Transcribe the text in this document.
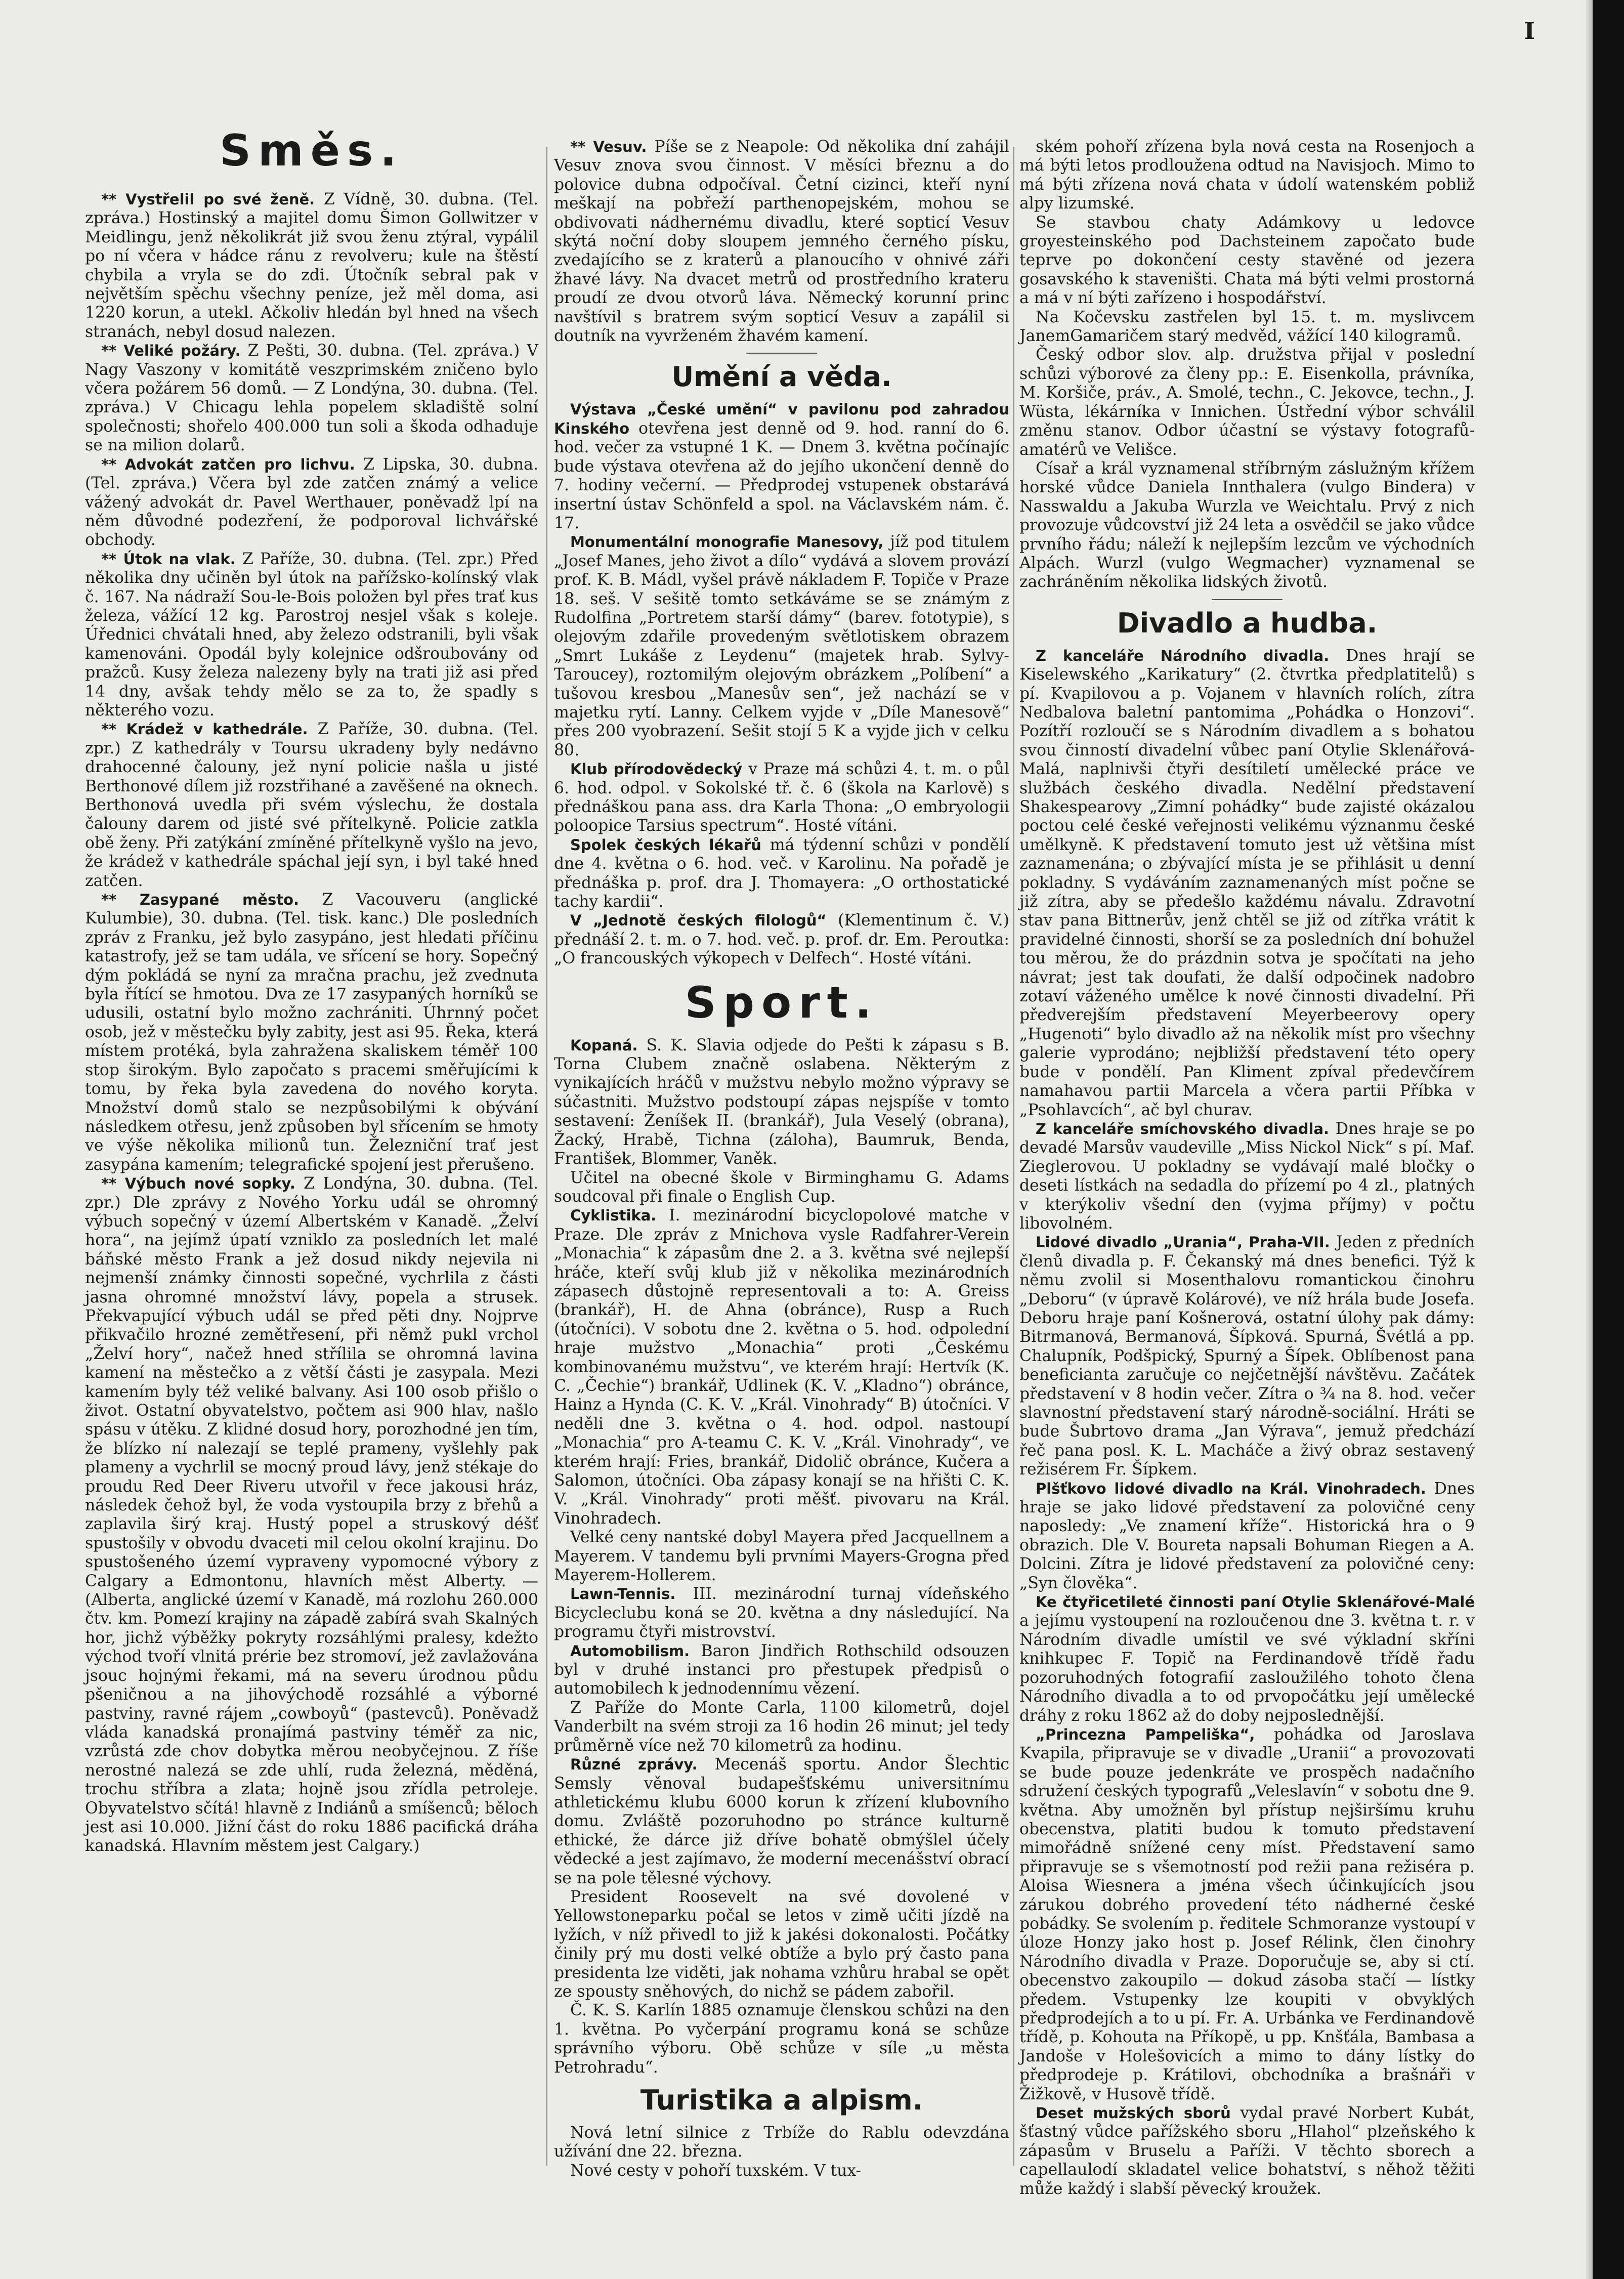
I
Směs.

** Vystřelil po své ženě. Z Vídně, 30. dubna. (Tel. zpráva.) Hostinský a majitel domu Šimon Gollwitzer v Meidlingu, jenž několikrát již svou ženu ztýral, vypálil po ní včera v hádce ránu z revolveru; kule na štěstí chybila a vryla se do zdi. Útočník sebral pak v největším spěchu všechny peníze, jež měl doma, asi 1220 korun, a utekl. Ačkoliv hledán byl hned na všech stranách, nebyl dosud nalezen.

** Veliké požáry. Z Pešti, 30. dubna. (Tel. zpráva.) V Nagy Vaszony v komitátě veszprimském zničeno bylo včera požárem 56 domů. — Z Londýna, 30. dubna. (Tel. zpráva.) V Chicagu lehla popelem skladiště solní společnosti; shořelo 400.000 tun soli a škoda odhaduje se na milion dolarů.

** Advokát zatčen pro lichvu. Z Lipska, 30. dubna. (Tel. zpráva.) Včera byl zde zatčen známý a velice vážený advokát dr. Pavel Werthauer, poněvadž lpí na něm důvodné podezření, že podporoval lichvářské obchody.

** Útok na vlak. Z Paříže, 30. dubna. (Tel. zpr.) Před několika dny učiněn byl útok na pařížsko-kolínský vlak č. 167. Na nádraží Sou-le-Bois položen byl přes trať kus železa, vážící 12 kg. Parostroj nesjel však s koleje. Úřednici chvátali hned, aby železo odstranili, byli však kamenováni. Opodál byly kolejnice odšroubovány od pražců. Kusy železa nalezeny byly na trati již asi před 14 dny, avšak tehdy mělo se za to, že spadly s některého vozu.

** Krádež v kathedrále. Z Paříže, 30. dubna. (Tel. zpr.) Z kathedrály v Toursu ukradeny byly nedávno drahocenné čalouny, jež nyní policie našla u jisté Berthonové dílem již rozstřihané a zavěšené na oknech. Berthonová uvedla při svém výslechu, že dostala čalouny darem od jisté své přítelkyně. Policie zatkla obě ženy. Při zatýkání zmíněné přítelkyně vyšlo na jevo, že krádež v kathedrále spáchal její syn, i byl také hned zatčen.

** Zasypané město. Z Vacouveru (anglické Kulumbie), 30. dubna. (Tel. tisk. kanc.) Dle posledních zpráv z Franku, jež bylo zasypáno, jest hledati příčinu katastrofy, jež se tam udála, ve sřícení se hory. Sopečný dým pokládá se nyní za mračna prachu, jež zvednuta byla řítící se hmotou. Dva ze 17 zasypaných horníků se udusili, ostatní bylo možno zachrániti. Úhrnný počet osob, jež v městečku byly zabity, jest asi 95. Řeka, která místem protéká, byla zahražena skaliskem téměř 100 stop širokým. Bylo započato s pracemi směřujícími k tomu, by řeka byla zavedena do nového koryta. Množství domů stalo se nezpůsobilými k obývání následkem otřesu, jenž způsoben byl sřícením se hmoty ve výše několika milionů tun. Železniční trať jest zasypána kamením; telegrafické spojení jest přerušeno.

** Výbuch nové sopky. Z Londýna, 30. dubna. (Tel. zpr.) Dle zprávy z Nového Yorku udál se ohromný výbuch sopečný v území Albertském v Kanadě. „Želví hora“, na jejímž úpatí vzniklo za posledních let malé báňské město Frank a jež dosud nikdy nejevila ni nejmenší známky činnosti sopečné, vychrlila z části jasna ohromné množství lávy, popela a strusek. Překvapující výbuch udál se před pěti dny. Nojprve přikvačilo hrozné zemětřesení, při němž pukl vrchol „Želví hory“, načež hned střílila se ohromná lavina kamení na městečko a z větší části je zasypala. Mezi kamením byly též veliké balvany. Asi 100 osob přišlo o život. Ostatní obyvatelstvo, počtem asi 900 hlav, našlo spásu v útěku. Z klidné dosud hory, porozhodné jen tím, že blízko ní nalezají se teplé prameny, vyšlehly pak plameny a vychrlil se mocný proud lávy, jenž stékaje do proudu Red Deer Riveru utvořil v řece jakousi hráz, následek čehož byl, že voda vystoupila brzy z břehů a zaplavila širý kraj. Hustý popel a struskový déšť spustošily v obvodu dvaceti mil celou okolní krajinu. Do spustošeného území vypraveny vypomocné výbory z Calgary a Edmontonu, hlavních měst Alberty. — (Alberta, anglické území v Kanadě, má rozlohu 260.000 čtv. km. Pomezí krajiny na západě zabírá svah Skalných hor, jichž výběžky pokryty rozsáhlými pralesy, kdežto východ tvoří vlnitá prérie bez stromoví, jež zavlažována jsouc hojnými řekami, má na severu úrodnou půdu pšeničnou a na jihovýchodě rozsáhlé a výborné pastviny, ravné rájem „cowboyů“ (pastevců). Poněvadž vláda kanadská pronajímá pastviny téměř za nic, vzrůstá zde chov dobytka měrou neobyčejnou. Z říše nerostné nalezá se zde uhlí, ruda železná, měděná, trochu stříbra a zlata; hojně jsou zřídla petroleje. Obyvatelstvo sčítá! hlavně z Indiánů a smíšenců; běloch jest asi 10.000. Jižní část do roku 1886 pacifická dráha kanadská. Hlavním městem jest Calgary.)

** Vesuv. Píše se z Neapole: Od několika dní zahájil Vesuv znova svou činnost. V měsíci březnu a do polovice dubna odpočíval. Četní cizinci, kteří nyní meškají na pobřeží parthenopejském, mohou se obdivovati nádhernému divadlu, které sopticí Vesuv skýtá noční doby sloupem jemného černého písku, zvedajícího se z kraterů a planoucího v ohnivé záři žhavé lávy. Na dvacet metrů od prostředního krateru proudí ze dvou otvorů láva. Německý korunní princ navštívil s bratrem svým sopticí Vesuv a zapálil si doutník na vyvrženém žhavém kamení.

Umění a věda.

Výstava „České umění“ v pavilonu pod zahradou Kinského otevřena jest denně od 9. hod. ranní do 6. hod. večer za vstupné 1 K. — Dnem 3. května počínajíc bude výstava otevřena až do jejího ukončení denně do 7. hodiny večerní. — Předprodej vstupenek obstarává insertní ústav Schönfeld a spol. na Václavském nám. č. 17.

Monumentální monografie Manesovy, jíž pod titulem „Josef Manes, jeho život a dílo“ vydává a slovem provází prof. K. B. Mádl, vyšel právě nákladem F. Topiče v Praze 18. seš. V sešitě tomto setkáváme se se známým z Rudolfina „Portretem starší dámy“ (barev. fototypie), s olejovým zdařile provedeným světlotiskem obrazem „Smrt Lukáše z Leydenu“ (majetek hrab. Sylvy-Taroucey), roztomilým olejovým obrázkem „Políbení“ a tušovou kresbou „Manesův sen“, jež nachází se v majetku rytí. Lanny. Celkem vyjde v „Díle Manesově“ přes 200 vyobrazení. Sešit stojí 5 K a vyjde jich v celku 80.

Klub přírodovědecký v Praze má schůzi 4. t. m. o půl 6. hod. odpol. v Sokolské tř. č. 6 (škola na Karlově) s přednáškou pana ass. dra Karla Thona: „O embryologii poloopice Tarsius spectrum“. Hosté vítáni.

Spolek českých lékařů má týdenní schůzi v pondělí dne 4. května o 6. hod. več. v Karolinu. Na pořadě je přednáška p. prof. dra J. Thomayera: „O orthostatické tachy kardii“.

V „Jednotě českých filologů“ (Klementinum č. V.) přednáší 2. t. m. o 7. hod. več. p. prof. dr. Em. Peroutka: „O francouských výkopech v Delfech“. Hosté vítáni.

Sport.

Kopaná. S. K. Slavia odjede do Pešti k zápasu s B. Torna Clubem značně oslabena. Některým z vynikajících hráčů v mužstvu nebylo možno výpravy se súčastniti. Mužstvo podstoupí zápas nejspíše v tomto sestavení: Ženíšek II. (brankář), Jula Veselý (obrana), Žacký, Hrabě, Tichna (záloha), Baumruk, Benda, František, Blommer, Vaněk.

Učitel na obecné škole v Birminghamu G. Adams soudcoval při finale o English Cup.

Cyklistika. I. mezinárodní bicyclopolové matche v Praze. Dle zpráv z Mnichova vysle Radfahrer-Verein „Monachia“ k zápasům dne 2. a 3. května své nejlepší hráče, kteří svůj klub již v několika mezinárodních zápasech důstojně representovali a to: A. Greiss (brankář), H. de Ahna (obránce), Rusp a Ruch (útočníci). V sobotu dne 2. května o 5. hod. odpolední hraje mužstvo „Monachia“ proti „Českému kombinovanému mužstvu“, ve kterém hrají: Hertvík (K. C. „Čechie“) brankář, Udlinek (K. V. „Kladno“) obránce, Hainz a Hynda (C. K. V. „Král. Vinohrady“ B) útočníci. V neděli dne 3. května o 4. hod. odpol. nastoupí „Monachia“ pro A-teamu C. K. V. „Král. Vinohrady“, ve kterém hrají: Fries, brankář, Didolič obránce, Kučera a Salomon, útočníci. Oba zápasy konají se na hřišti C. K. V. „Král. Vinohrady“ proti měšť. pivovaru na Král. Vinohradech.

Velké ceny nantské dobyl Mayera před Jacquellnem a Mayerem. V tandemu byli prvními Mayers-Grogna před Mayerem-Hollerem.

Lawn-Tennis. III. mezinárodní turnaj vídeňského Bicycleclubu koná se 20. května a dny následující. Na programu čtyři mistrovství.

Automobilism. Baron Jindřich Rothschild odsouzen byl v druhé instanci pro přestupek předpisů o automobilech k jednodennímu vězení.

Z Paříže do Monte Carla, 1100 kilometrů, dojel Vanderbilt na svém stroji za 16 hodin 26 minut; jel tedy průměrně více než 70 kilometrů za hodinu.

Různé zprávy. Mecenáš sportu. Andor Šlechtic Semsly věnoval budapešťskému universitnímu athletickému klubu 6000 korun k zřízení klubovního domu. Zvláště pozoruhodno po stránce kulturně ethické, že dárce již dříve bohatě obmýšlel účely vědecké a jest zajímavo, že moderní mecenášství obrací se na pole tělesné výchovy.

President Roosevelt na své dovolené v Yellowstoneparku počal se letos v zimě učiti jízdě na lyžích, v níž přivedl to již k jakési dokonalosti. Počátky činily prý mu dosti velké obtíže a bylo prý často pana presidenta lze viděti, jak nohama vzhůru hrabal se opět ze spousty sněhových, do nichž se pádem zabořil.

Č. K. S. Karlín 1885 oznamuje členskou schůzi na den 1. května. Po vyčerpání programu koná se schůze správního výboru. Obě schůze v síle „u města Petrohradu“.

Turistika a alpism.

Nová letní silnice z Trbíže do Rablu odevzdána užívání dne 22. března.

Nové cesty v pohoří tuxském. V tux-

ském pohoří zřízena byla nová cesta na Rosenjoch a má býti letos prodloužena odtud na Navisjoch. Mimo to má býti zřízena nová chata v údolí watenském pobliž alpy lizumské.

Se stavbou chaty Adámkovy u ledovce groyesteinského pod Dachsteinem započato bude teprve po dokončení cesty stavěné od jezera gosavského k staveništi. Chata má býti velmi prostorná a má v ní býti zařízeno i hospodářství.

Na Kočevsku zastřelen byl 15. t. m. myslivcem JanemGamaričem starý medvěd, vážící 140 kilogramů.

Český odbor slov. alp. družstva přijal v poslední schůzi výborové za členy pp.: E. Eisenkolla, právníka, M. Koršiče, práv., A. Smolé, techn., C. Jekovce, techn., J. Wüsta, lékárníka v Innichen. Ústřední výbor schválil změnu stanov. Odbor účastní se výstavy fotografů-amatérů ve Velišce.

Císař a král vyznamenal stříbrným záslužným křížem horské vůdce Daniela Innthalera (vulgo Bindera) v Nasswaldu a Jakuba Wurzla ve Weichtalu. Prvý z nich provozuje vůdcovství již 24 leta a osvědčil se jako vůdce prvního řádu; náleží k nejlepším lezcům ve východních Alpách. Wurzl (vulgo Wegmacher) vyznamenal se zachráněním několika lidských životů.

Divadlo a hudba.

Z kanceláře Národního divadla. Dnes hrají se Kiselewského „Karikatury“ (2. čtvrtka předplatitelů) s pí. Kvapilovou a p. Vojanem v hlavních rolích, zítra Nedbalova baletní pantomima „Pohádka o Honzovi“. Pozítří rozloučí se s Národním divadlem a s bohatou svou činností divadelní vůbec paní Otylie Sklenářová-Malá, naplnivši čtyři desítiletí umělecké práce ve službách českého divadla. Nedělní představení Shakespearovy „Zimní pohádky“ bude zajisté okázalou poctou celé české veřejnosti velikému význanmu české umělkyně. K představení tomuto jest už většina míst zaznamenána; o zbývající místa je se přihlásit u denní pokladny. S vydáváním zaznamenaných míst počne se již zítra, aby se předešlo každému návalu. Zdravotní stav pana Bittnerův, jenž chtěl se již od zítřka vrátit k pravidelné činnosti, shorší se za posledních dní bohužel tou měrou, že do prázdnin sotva je spočítati na jeho návrat; jest tak doufati, že další odpočinek nadobro zotaví váženého umělce k nové činnosti divadelní. Při předverejším představení Meyerbeerovy opery „Hugenoti“ bylo divadlo až na několik míst pro všechny galerie vyprodáno; nejbližší představení této opery bude v pondělí. Pan Kliment zpíval předevčírem namahavou partii Marcela a včera partii Příbka v „Psohlavcích“, ač byl churav.

Z kanceláře smíchovského divadla. Dnes hraje se po devadé Marsův vaudeville „Miss Nickol Nick“ s pí. Maf. Zieglerovou. U pokladny se vydávají malé bločky o deseti lístkách na sedadla do přízemí po 4 zl., platných v kterýkoliv všední den (vyjma příjmy) v počtu libovolném.

Lidové divadlo „Urania“, Praha-VII. Jeden z předních členů divadla p. F. Čekanský má dnes benefici. Týž k němu zvolil si Mosenthalovu romantickou činohru „Deboru“ (v úpravě Kolárové), ve níž hrála bude Josefa. Deboru hraje paní Košnerová, ostatní úlohy pak dámy: Bitrmanová, Bermanová, Šípková. Spurná, Švétlá a pp. Chalupník, Podšpický, Spurný a Šípek. Oblíbenost pana beneficianta zaručuje co nejčetnější návštěvu. Začátek představení v 8 hodin večer. Zítra o ¾ na 8. hod. večer slavnostní představení starý národně-sociální. Hráti se bude Šubrtovo drama „Jan Výrava“, jemuž předchází řeč pana posl. K. L. Macháče a živý obraz sestavený režisérem Fr. Šípkem.

Plšťkovo lidové divadlo na Král. Vinohradech. Dnes hraje se jako lidové představení za polovičné ceny naposledy: „Ve znamení kříže“. Historická hra o 9 obrazich. Dle V. Boureta napsali Bohuman Riegen a A. Dolcini. Zítra je lidové představení za polovičné ceny: „Syn člověka“.

Ke čtyřicetileté činnosti paní Otylie Sklenářové-Malé a jejímu vystoupení na rozloučenou dne 3. května t. r. v Národním divadle umístil ve své výkladní skříni knihkupec F. Topič na Ferdinandově třídě řadu pozoruhodných fotografií zasloužilého tohoto člena Národního divadla a to od prvopočátku její umělecké dráhy z roku 1862 až do doby nejposlednější.

„Princezna Pampeliška“, pohádka od Jaroslava Kvapila, připravuje se v divadle „Uranii“ a provozovati se bude pouze jedenkráte ve prospěch nadačního sdružení českých typografů „Veleslavín“ v sobotu dne 9. května. Aby umožněn byl přístup nejširšímu kruhu obecenstva, platiti budou k tomuto představení mimořádně snížené ceny míst. Představení samo připravuje se s všemotností pod režii pana režiséra p. Aloisa Wiesnera a jména všech účinkujících jsou zárukou dobrého provedení této nádherné české pobádky. Se svolením p. ředitele Schmoranze vystoupí v úloze Honzy jako host p. Josef Rélink, člen činohry Národního divadla v Praze. Doporučuje se, aby si ctí. obecenstvo zakoupilo — dokud zásoba stačí — lístky předem. Vstupenky lze koupiti v obvyklých předprodejích a to u pí. Fr. A. Urbánka ve Ferdinandově třídě, p. Kohouta na Příkopě, u pp. Knšťála, Bambasa a Jandoše v Holešovicích a mimo to dány lístky do předprodeje p. Krátilovi, obchodníka a brašnáři v Žižkově, v Husově třídě.

Deset mužských sborů vydal pravé Norbert Kubát, šťastný vůdce pařížského sboru „Hlahol“ plzeňského k zápasům v Bruselu a Paříži. V těchto sborech a capellaulodí skladatel velice bohatství, s něhož těžiti může každý i slabší pěvecký kroužek.
